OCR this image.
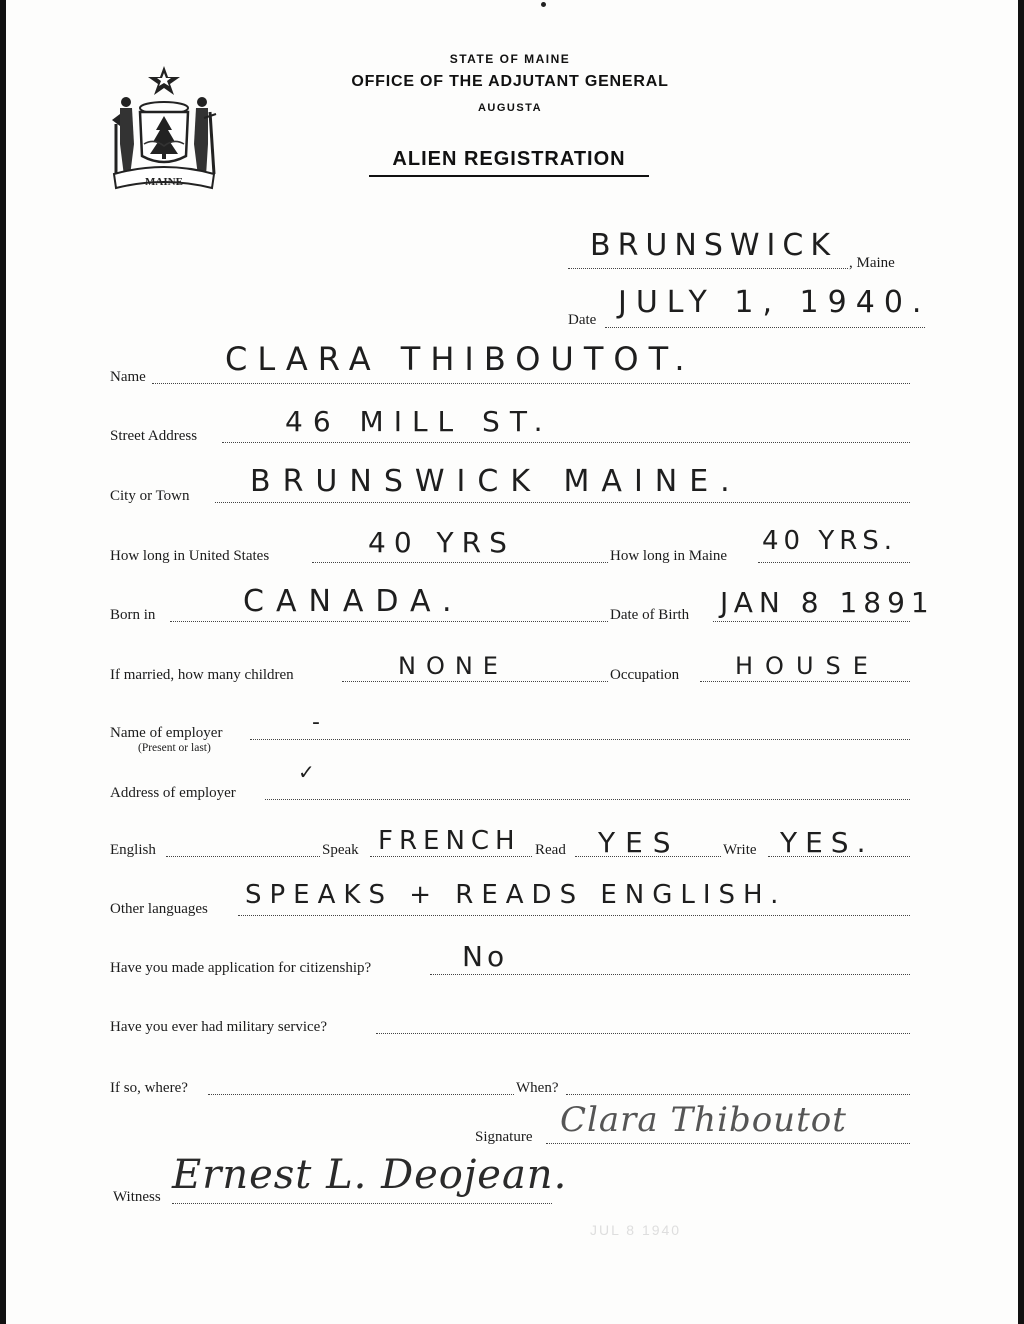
MAINE
STATE OF MAINE
OFFICE OF THE ADJUTANT GENERAL
AUGUSTA
ALIEN REGISTRATION
BRUNSWICK , Maine
Date JULY 1, 1940.
Name CLARA THIBOUTOT.
Street Address	46 MILL ST.
City or Town BRUNSWICK MAINE.
How long in United States	40 YRS	How long in Maine 40 YRS.
Born in	CANADA.	Date of Birth JAN 8 1891
If married, how many children	NONE	Occupation HOUSE
Name of employer
(Present or last)
-
Address of employer
✓
English	Speak FRENCH Read YES	Write YES.
Other languages SPEAKS + READS ENGLISH.
Have you made application for citizenship?	No
Have you ever had military service?
If so, where?	When?
Signature Clara Thiboutot
Witness Ernest L. Deojean.
JUL 8 1940
